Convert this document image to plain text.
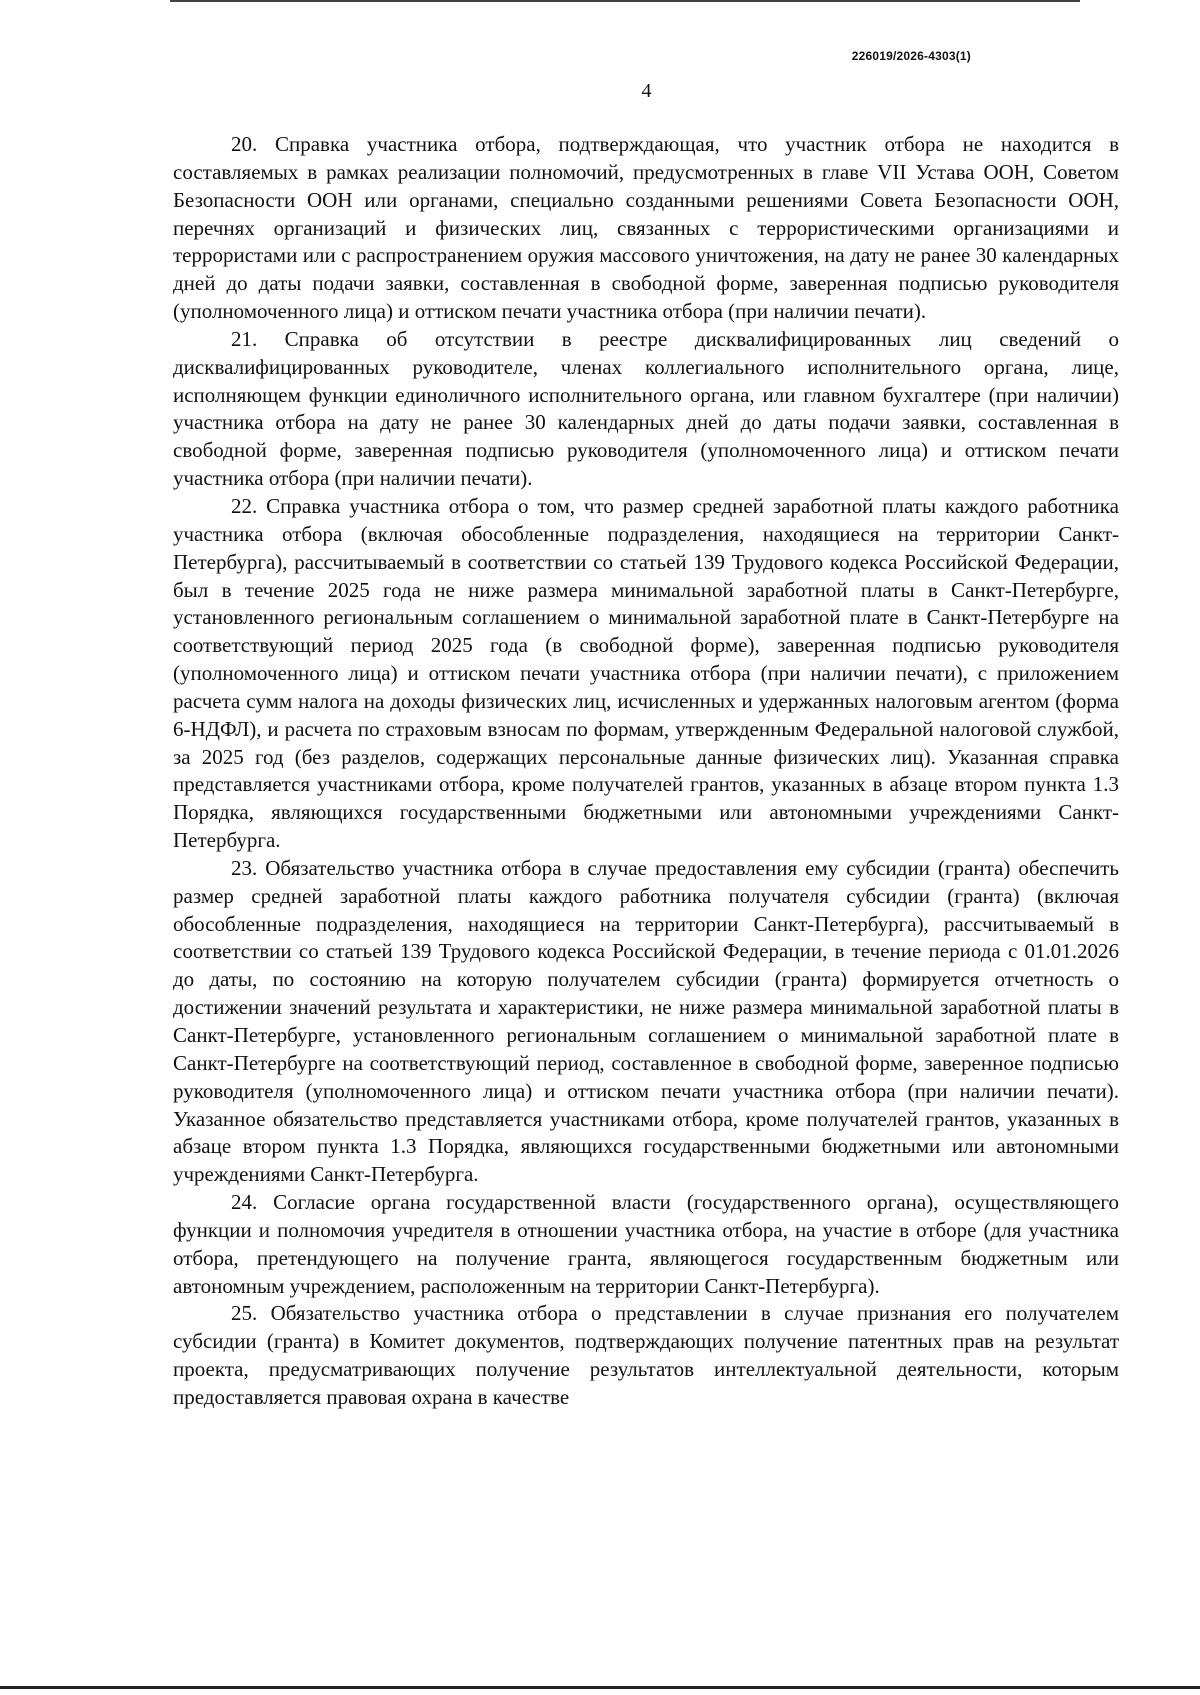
226019/2026-4303(1)
4

20. Справка участника отбора, подтверждающая, что участник отбора не находится в составляемых в рамках реализации полномочий, предусмотренных в главе VII Устава ООН, Советом Безопасности ООН или органами, специально созданными решениями Совета Безопасности ООН, перечнях организаций и физических лиц, связанных с террористическими организациями и террористами или с распространением оружия массового уничтожения, на дату не ранее 30 календарных дней до даты подачи заявки, составленная в свободной форме, заверенная подписью руководителя (уполномоченного лица) и оттиском печати участника отбора (при наличии печати).

21. Справка об отсутствии в реестре дисквалифицированных лиц сведений о дисквалифицированных руководителе, членах коллегиального исполнительного органа, лице, исполняющем функции единоличного исполнительного органа, или главном бухгалтере (при наличии) участника отбора на дату не ранее 30 календарных дней до даты подачи заявки, составленная в свободной форме, заверенная подписью руководителя (уполномоченного лица) и оттиском печати участника отбора (при наличии печати).

22. Справка участника отбора о том, что размер средней заработной платы каждого работника участника отбора (включая обособленные подразделения, находящиеся на территории Санкт-Петербурга), рассчитываемый в соответствии со статьей 139 Трудового кодекса Российской Федерации, был в течение 2025 года не ниже размера минимальной заработной платы в Санкт-Петербурге, установленного региональным соглашением о минимальной заработной плате в Санкт-Петербурге на соответствующий период 2025 года (в свободной форме), заверенная подписью руководителя (уполномоченного лица) и оттиском печати участника отбора (при наличии печати), с приложением расчета сумм налога на доходы физических лиц, исчисленных и удержанных налоговым агентом (форма 6-НДФЛ), и расчета по страховым взносам по формам, утвержденным Федеральной налоговой службой, за 2025 год (без разделов, содержащих персональные данные физических лиц). Указанная справка представляется участниками отбора, кроме получателей грантов, указанных в абзаце втором пункта 1.3 Порядка, являющихся государственными бюджетными или автономными учреждениями Санкт-Петербурга.

23. Обязательство участника отбора в случае предоставления ему субсидии (гранта) обеспечить размер средней заработной платы каждого работника получателя субсидии (гранта) (включая обособленные подразделения, находящиеся на территории Санкт-Петербурга), рассчитываемый в соответствии со статьей 139 Трудового кодекса Российской Федерации, в течение периода с 01.01.2026 до даты, по состоянию на которую получателем субсидии (гранта) формируется отчетность о достижении значений результата и характеристики, не ниже размера минимальной заработной платы в Санкт-Петербурге, установленного региональным соглашением о минимальной заработной плате в Санкт-Петербурге на соответствующий период, составленное в свободной форме, заверенное подписью руководителя (уполномоченного лица) и оттиском печати участника отбора (при наличии печати). Указанное обязательство представляется участниками отбора, кроме получателей грантов, указанных в абзаце втором пункта 1.3 Порядка, являющихся государственными бюджетными или автономными учреждениями Санкт-Петербурга.

24. Согласие органа государственной власти (государственного органа), осуществляющего функции и полномочия учредителя в отношении участника отбора, на участие в отборе (для участника отбора, претендующего на получение гранта, являющегося государственным бюджетным или автономным учреждением, расположенным на территории Санкт-Петербурга).

25. Обязательство участника отбора о представлении в случае признания его получателем субсидии (гранта) в Комитет документов, подтверждающих получение патентных прав на результат проекта, предусматривающих получение результатов интеллектуальной деятельности, которым предоставляется правовая охрана в качестве
